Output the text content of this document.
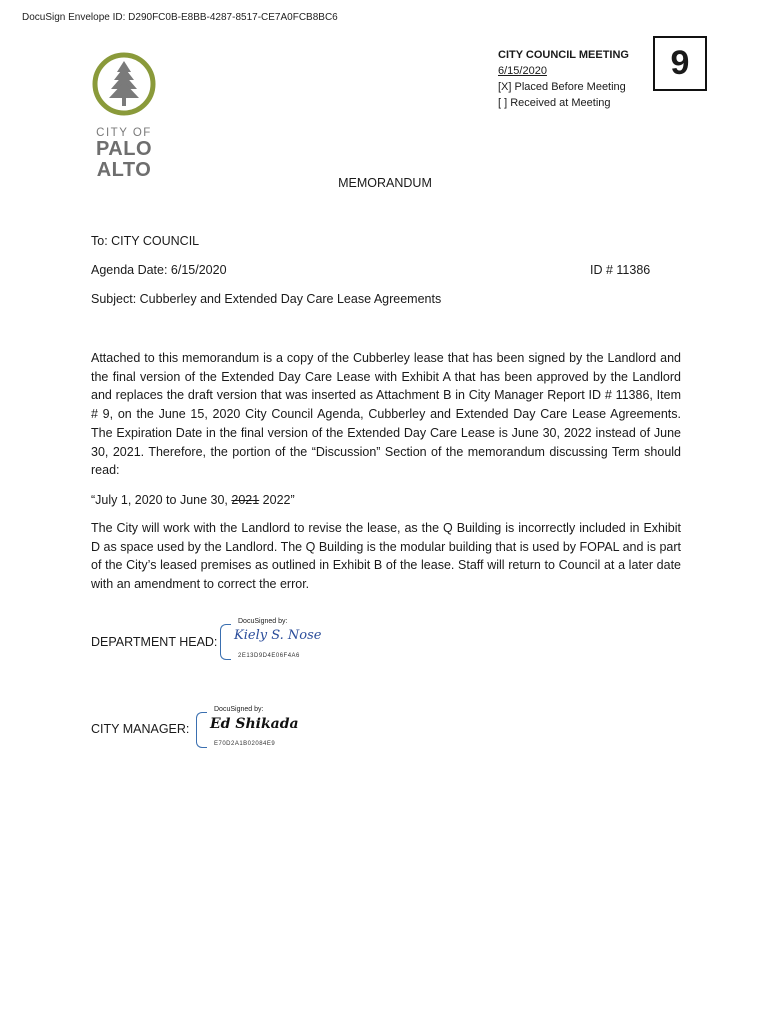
DocuSign Envelope ID: D290FC0B-E8BB-4287-8517-CE7A0FCB8BC6
CITY OF
PALO
ALTO
CITY COUNCIL MEETING
6/15/2020
[X] Placed Before Meeting
[ ] Received at Meeting
9
MEMORANDUM
To: CITY COUNCIL
Agenda Date: 6/15/2020	ID # 11386
Subject: Cubberley and Extended Day Care Lease Agreements
Attached to this memorandum is a copy of the Cubberley lease that has been signed by the Landlord and the final version of the Extended Day Care Lease with Exhibit A that has been approved by the Landlord and replaces the draft version that was inserted as Attachment B in City Manager Report ID # 11386, Item # 9, on the June 15, 2020 City Council Agenda, Cubberley and Extended Day Care Lease Agreements. The Expiration Date in the final version of the Extended Day Care Lease is June 30, 2022 instead of June 30, 2021. Therefore, the portion of the “Discussion” Section of the memorandum discussing Term should read:
“July 1, 2020 to June 30, 2021 2022”
The City will work with the Landlord to revise the lease, as the Q Building is incorrectly included in Exhibit D as space used by the Landlord. The Q Building is the modular building that is used by FOPAL and is part of the City’s leased premises as outlined in Exhibit B of the lease. Staff will return to Council at a later date with an amendment to correct the error.
DEPARTMENT HEAD:
DocuSigned by:
Kiely S. Nose
2E13D9D4E06F4A6
CITY MANAGER:
DocuSigned by:
Ed Shikada
E70D2A1B02084E9
